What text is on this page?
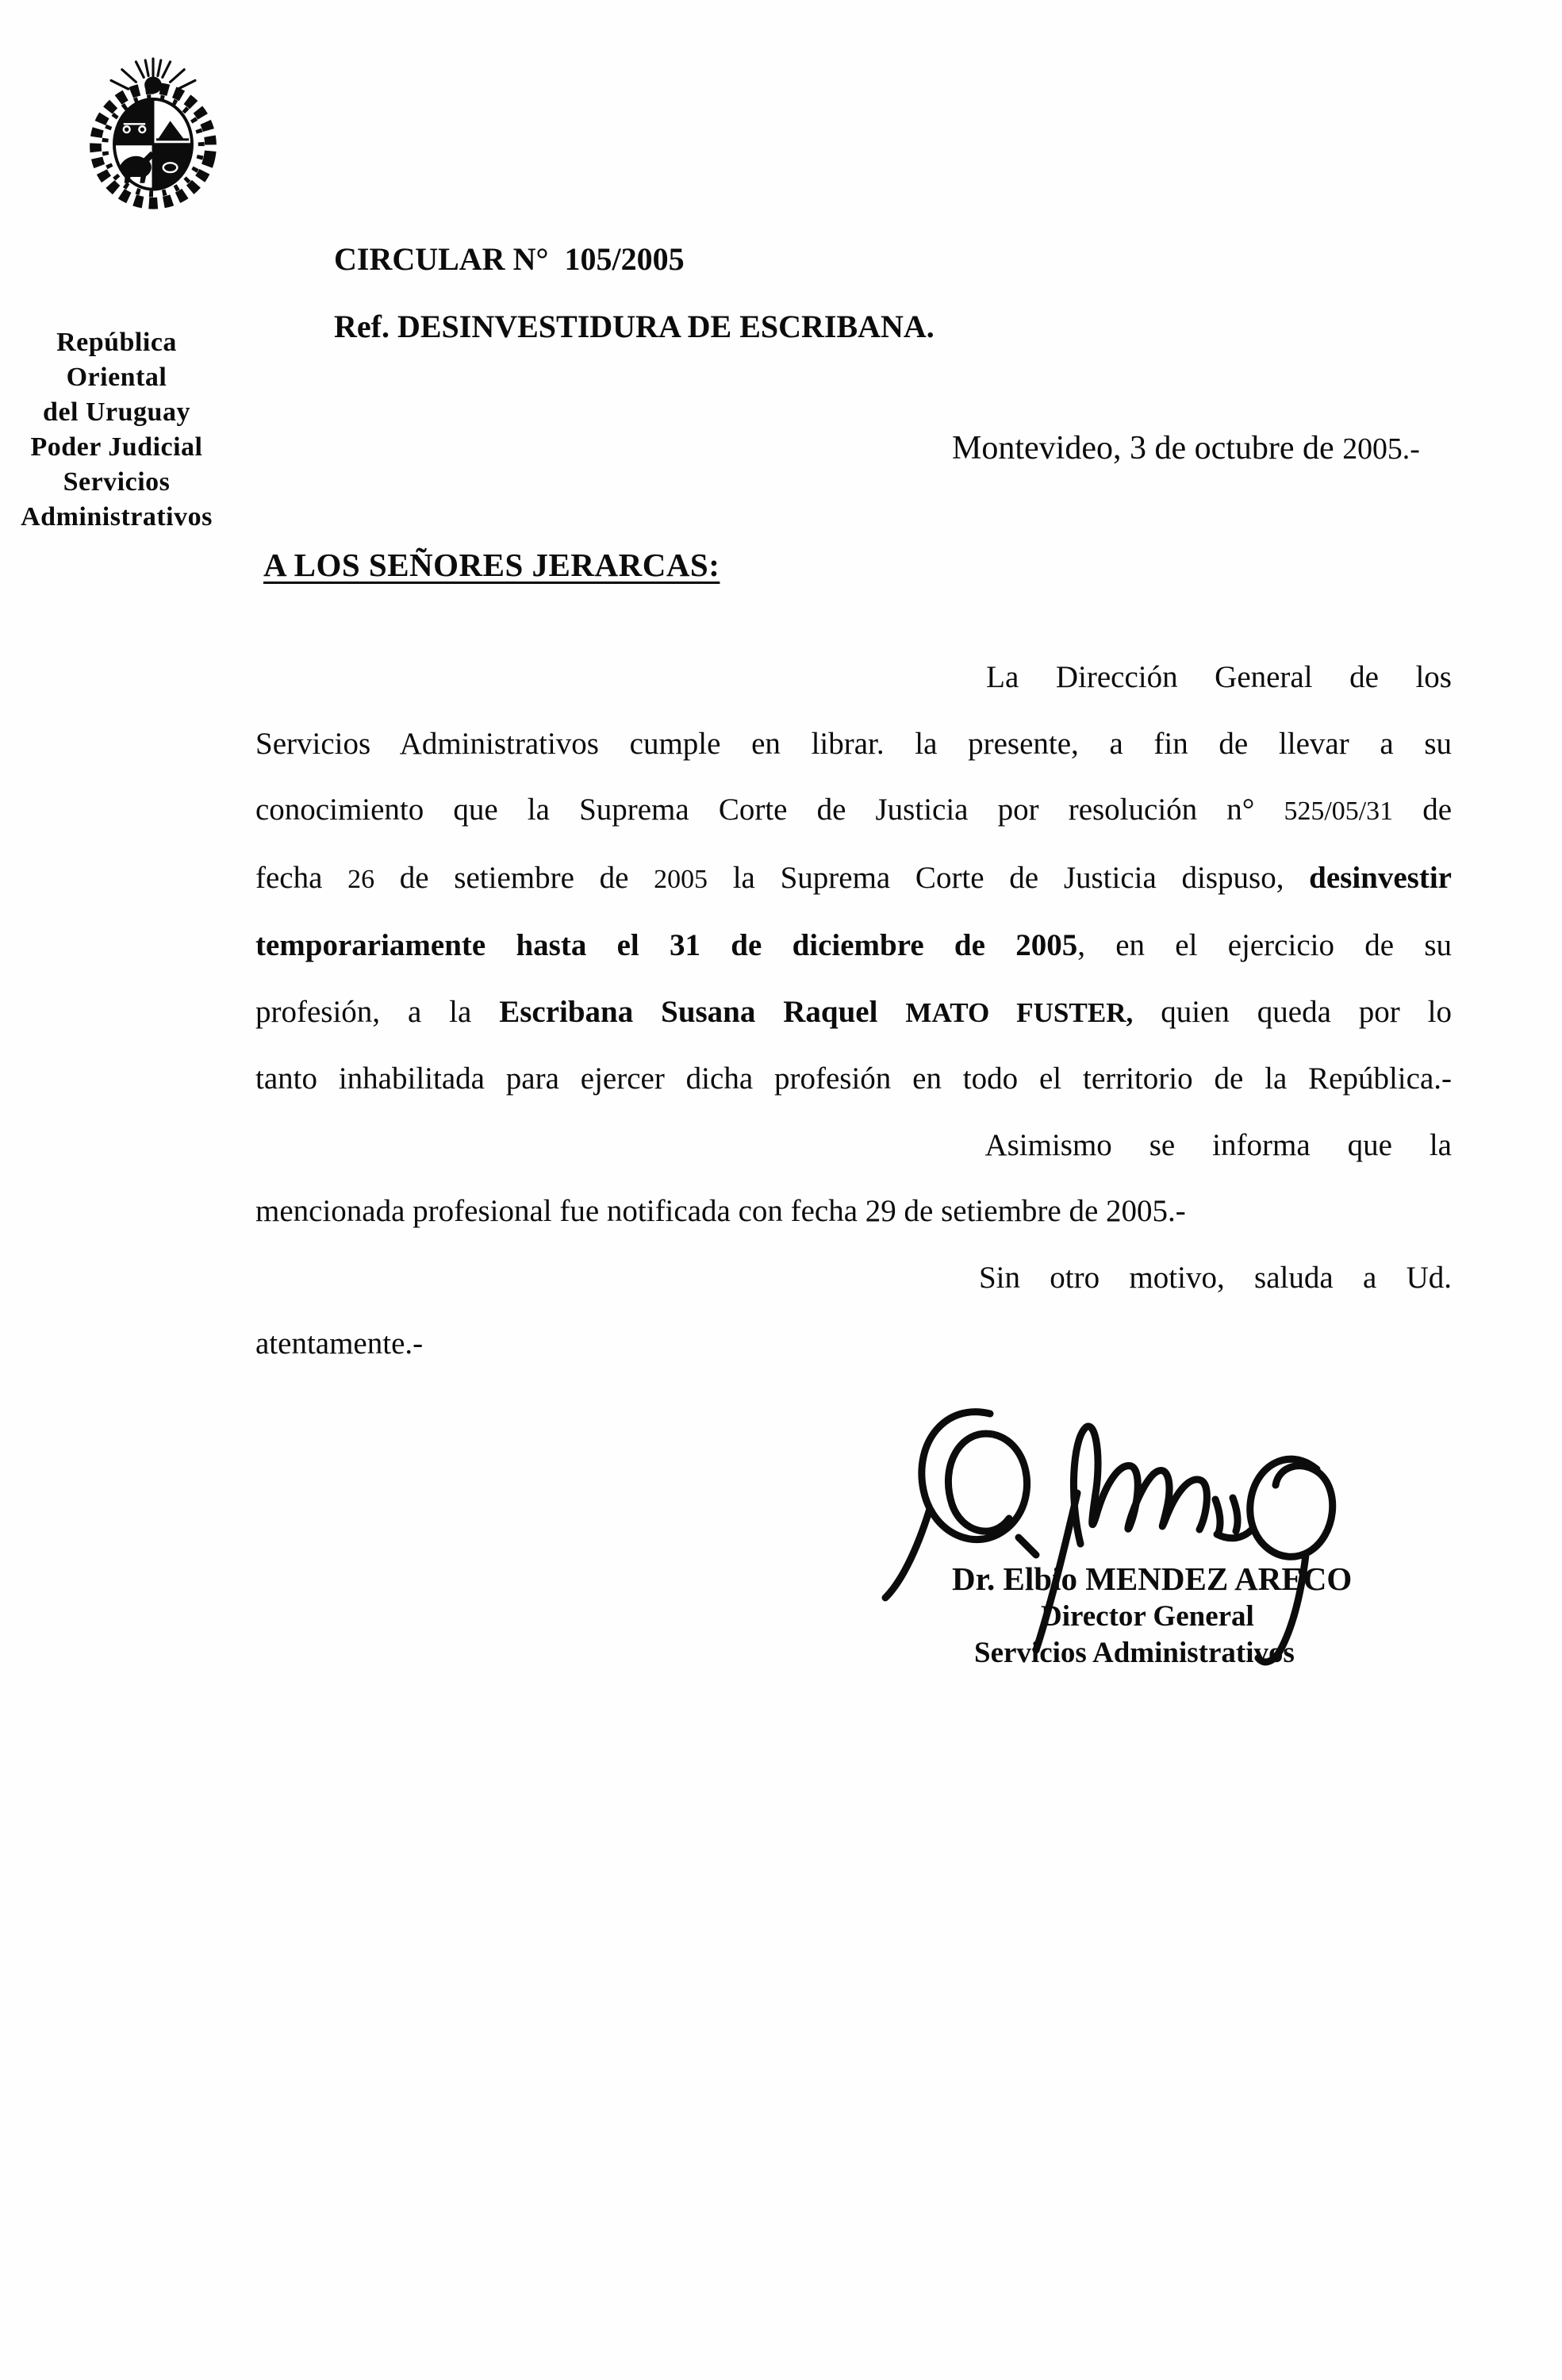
República
Oriental
del Uruguay
Poder Judicial
Servicios
Administrativos
CIRCULAR N°  105/2005
Ref. DESINVESTIDURA DE ESCRIBANA.
Montevideo, 3 de octubre de 2005.-
A LOS SEÑORES JERARCAS:
La Dirección General de los
Servicios Administrativos cumple en librar. la presente, a fin de llevar a su
conocimiento que la Suprema Corte de Justicia por resolución n° 525/05/31 de
fecha 26 de setiembre de 2005 la Suprema Corte de Justicia dispuso, desinvestir
temporariamente hasta el 31 de diciembre de 2005, en el ejercicio de su
profesión, a la Escribana Susana Raquel MATO FUSTER, quien queda por lo
tanto inhabilitada para ejercer dicha profesión en todo el territorio de la República.-
Asimismo se informa que la
mencionada profesional fue notificada con fecha 29 de setiembre de 2005.-
Sin otro motivo, saluda a Ud.
atentamente.-
Dr. Elbio MENDEZ ARECO
Director General
Servicios Administrativos
